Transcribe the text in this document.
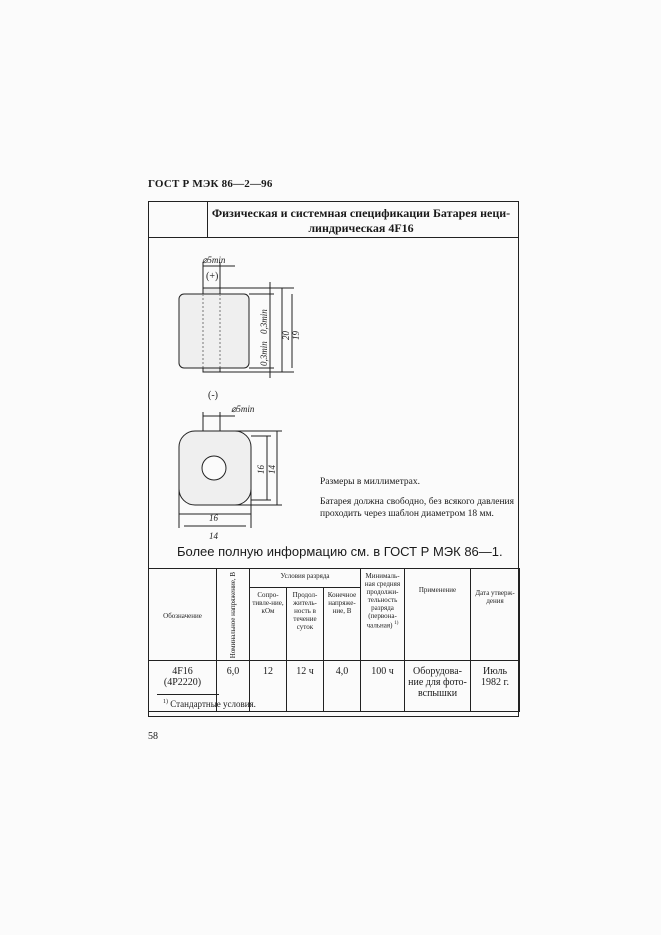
ГОСТ Р МЭК 86—2—96
Физическая и системная спецификации Батарея неци-
линдрическая 4F16
⌀5min
(+)
(-)
0,3min
0,3min
20 19
⌀5min
16 14
16
14
Размеры в миллиметрах.
Батарея должна свободно, без всякого давления проходить через шаблон диаметром 18 мм.
Более полную информацию см. в ГОСТ Р МЭК 86—1.
Обозначение	Номинальное напряжение, В	Условия разряда			Минималь-ная средняя продолжи-тельность разряда (первона-чальная) $^{1)}$	Применение	Дата утверж-дения
		Сопро-тивле-ние, кОм	Продол-житель-ность в течение суток	Конечное напряже-ние, В			
4F16
(4P2220)	6,0	12	12 ч	4,0	100 ч	Оборудова-ние для фото-вспышки	Июль 1982 г.
$^{1)}$ Стандартные условия.
58
